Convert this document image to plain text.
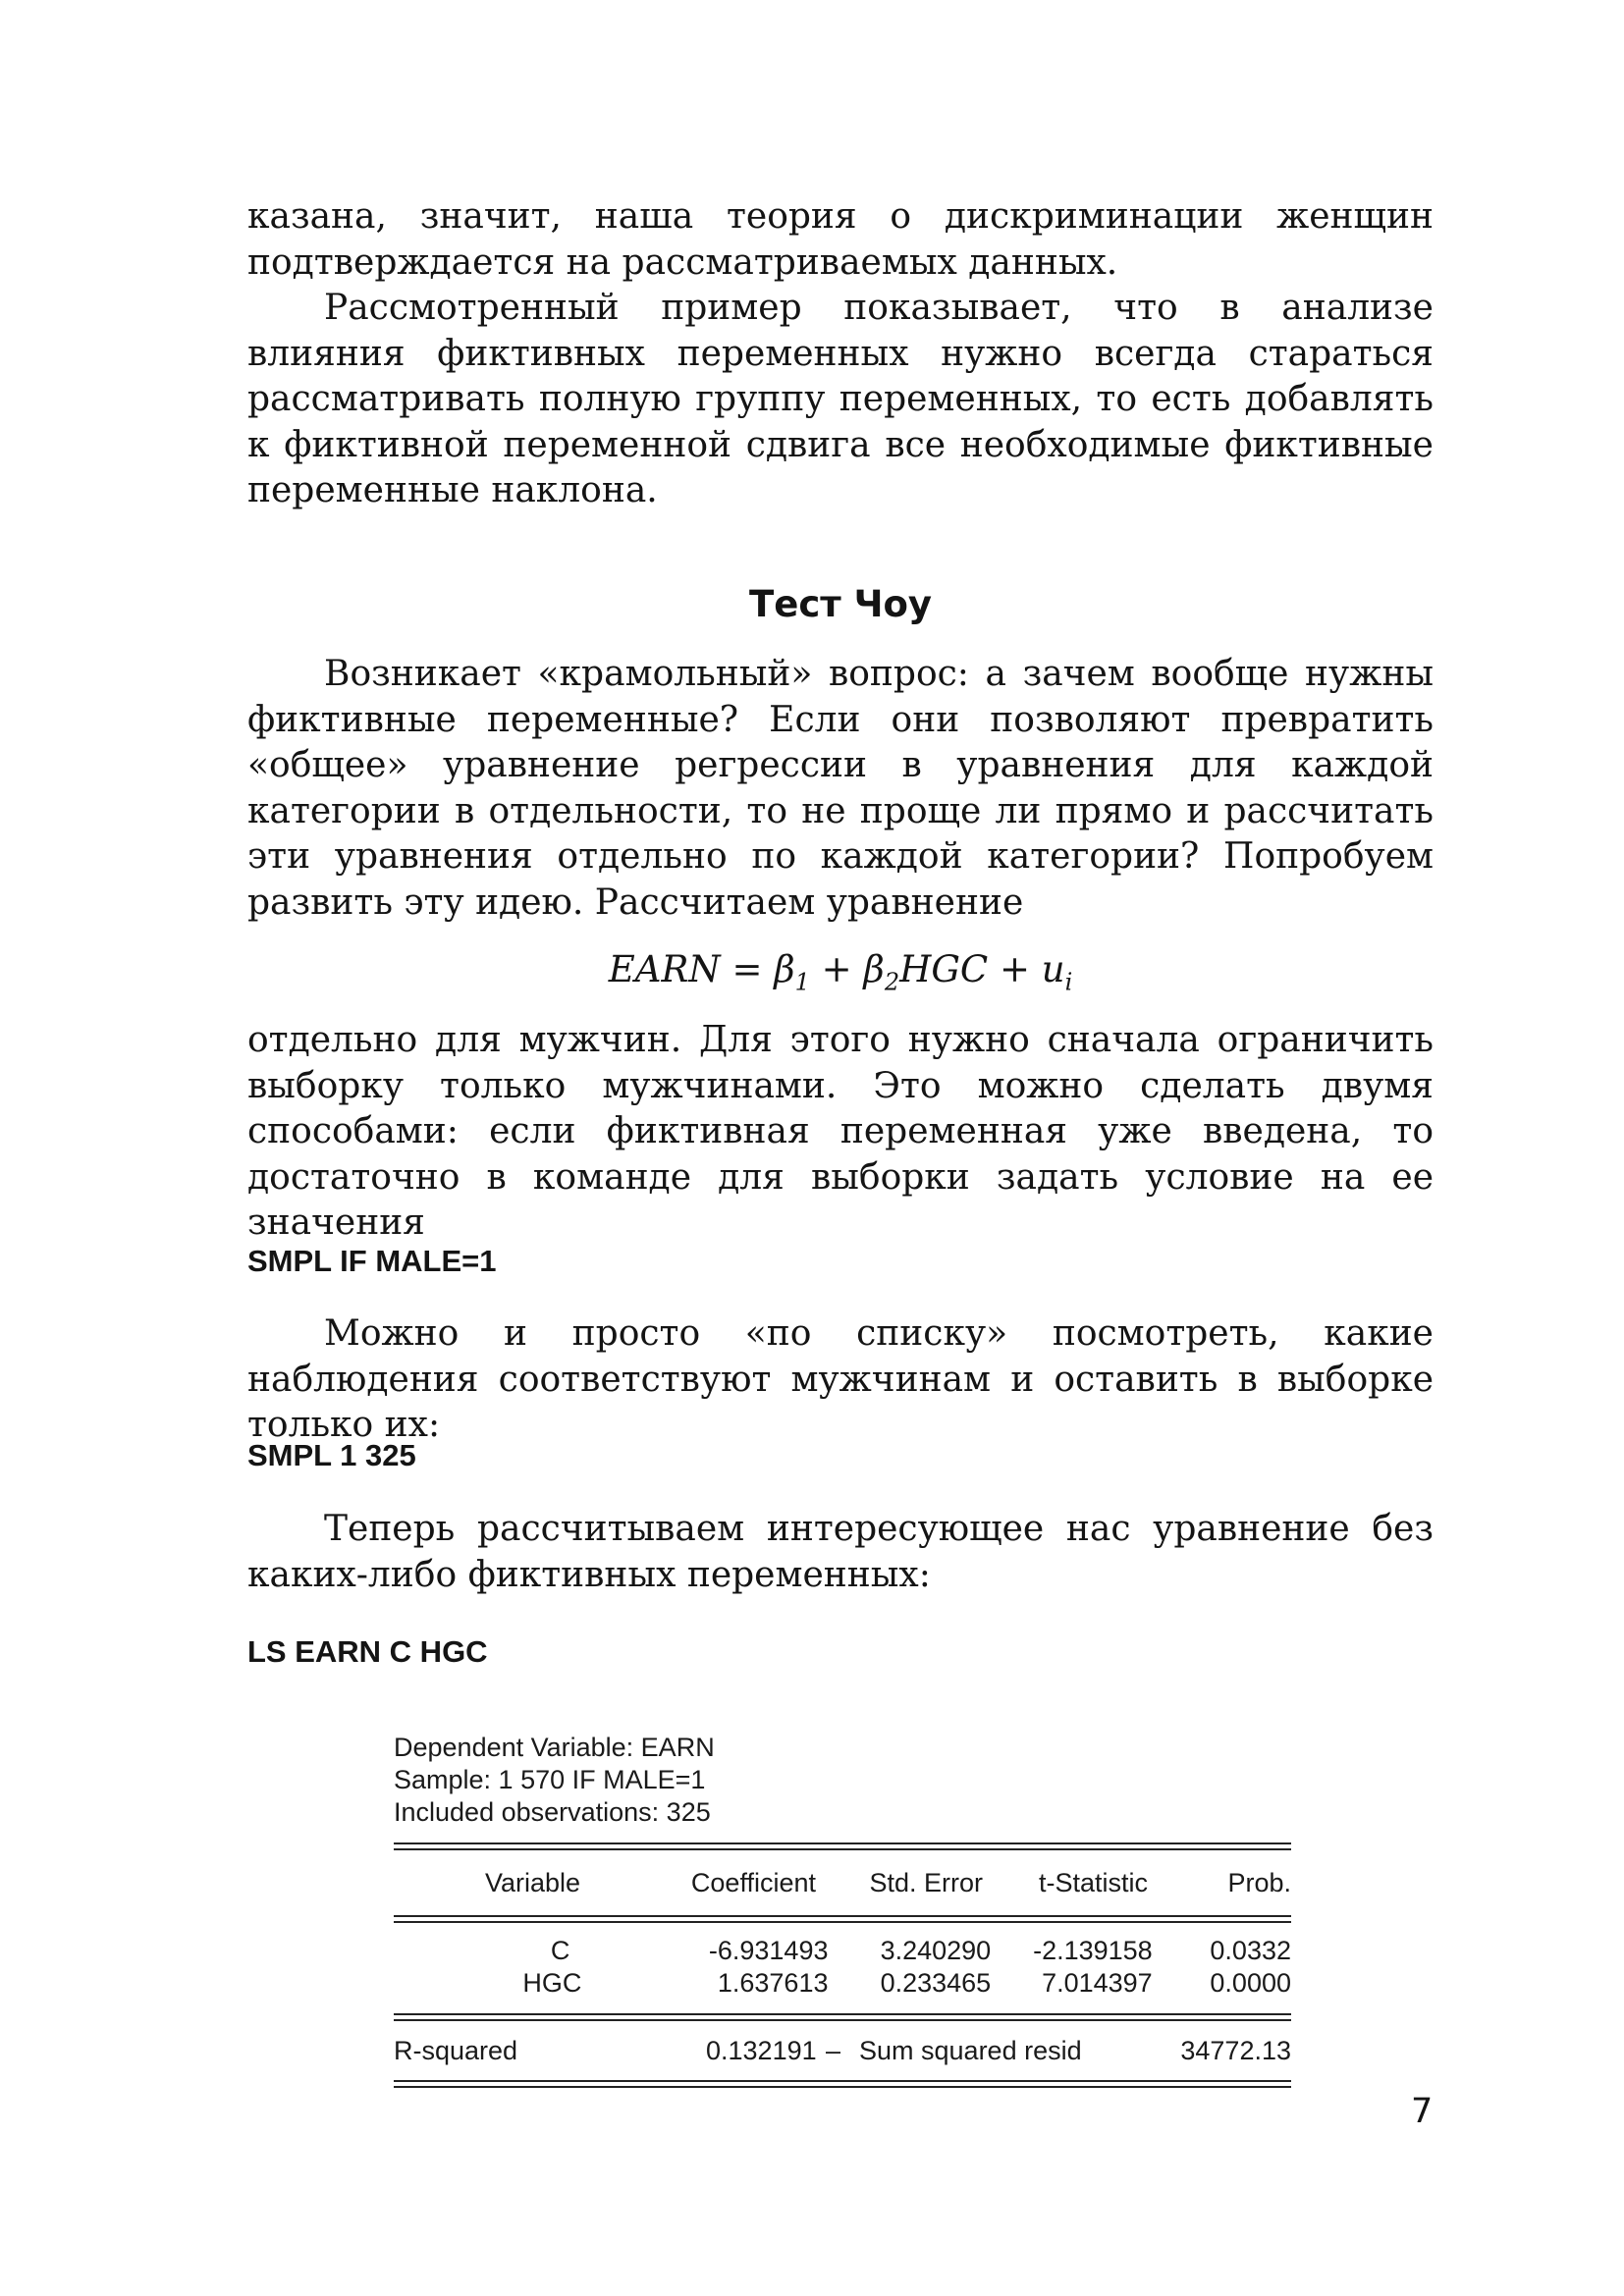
казана, значит, наша теория о дискриминации женщин подтверждается на рассматриваемых данных.

Рассмотренный пример показывает, что в анализе влияния фиктивных переменных нужно всегда стараться рассматривать полную группу переменных, то есть добавлять к фиктивной переменной сдвига все необходимые фиктивные переменные наклона.

Тест Чоу

Возникает «крамольный» вопрос: а зачем вообще нужны фиктивные переменные? Если они позволяют превратить «общее» уравнение регрессии в уравнения для каждой категории в отдельности, то не проще ли прямо и рассчитать эти уравнения отдельно по каждой категории? Попробуем развить эту идею. Рассчитаем уравнение

EARN = $\beta_1 + \beta_2HGC + u_i$

отдельно для мужчин. Для этого нужно сначала ограничить выборку только мужчинами. Это можно сделать двумя способами: если фиктивная переменная уже введена, то достаточно в команде для выборки задать условие на ее значения

SMPL IF MALE=1

Можно и просто «по списку» посмотреть, какие наблюдения соответствуют мужчинам и оставить в выборке только их:

SMPL 1 325

Теперь рассчитываем интересующее нас уравнение без каких-либо фиктивных переменных:

LS EARN C HGC

Dependent Variable: EARN
Sample: 1 570 IF MALE=1
Included observations: 325
Variable	Coefficient	Std. Error	t-Statistic	Prob.
C	-6.931493	3.240290	-2.139158	0.0332
HGC	1.637613	0.233465	7.014397	0.0000
R-squared	0.132191 – Sum squared resid	34772.13
7
